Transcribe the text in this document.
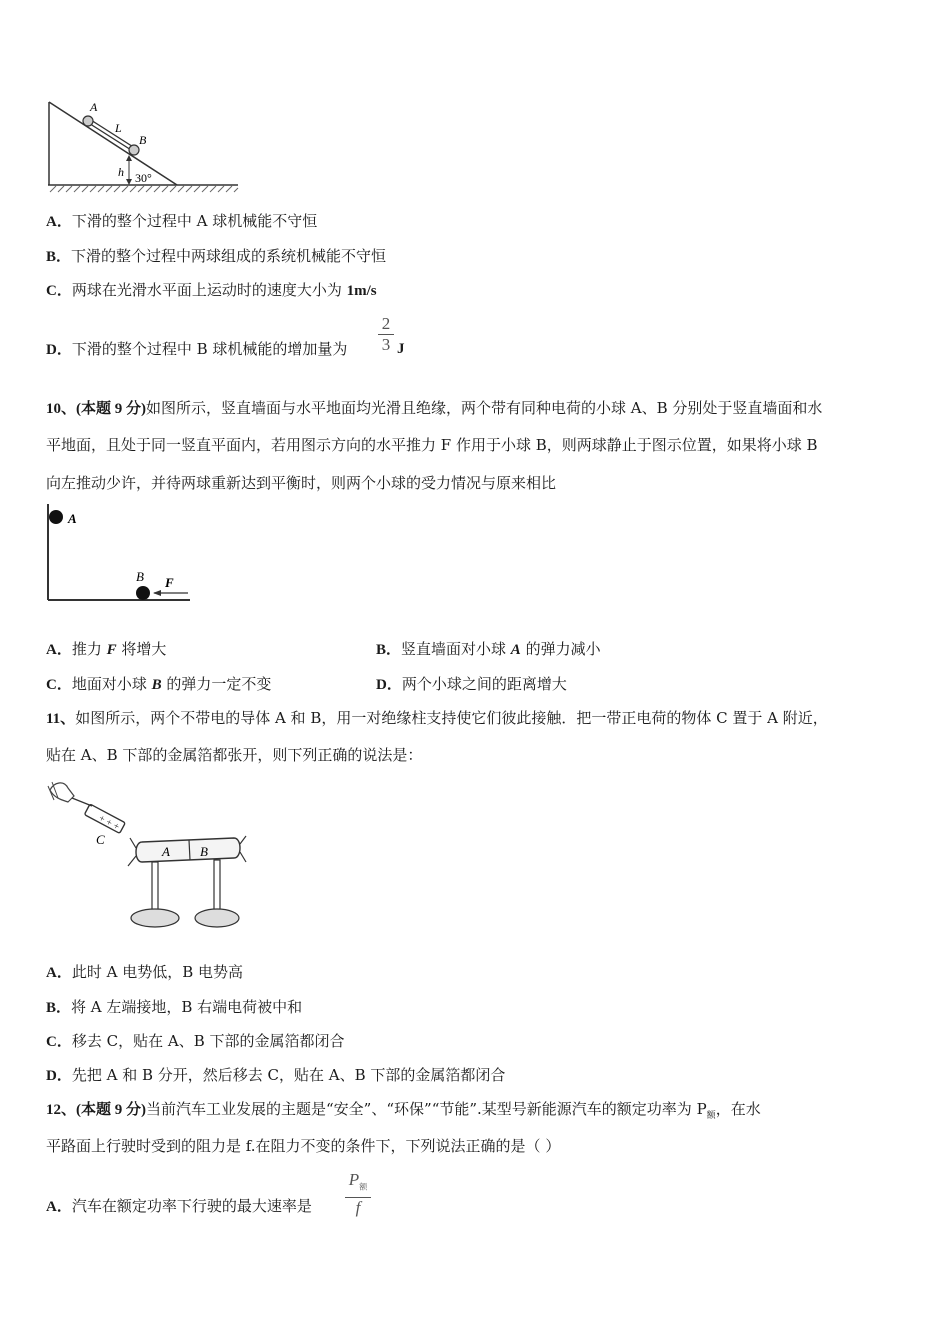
A
L
B
h 30°
A．下滑的整个过程中 A 球机械能不守恒
B．下滑的整个过程中两球组成的系统机械能不守恒
C．两球在光滑水平面上运动时的速度大小为 1m/s
D．下滑的整个过程中 B 球机械能的增加量为
2
3 J
10、(本题 9 分)如图所示，竖直墙面与水平地面均光滑且绝缘，两个带有同种电荷的小球 A、B 分别处于竖直墙面和水
平地面，且处于同一竖直平面内，若用图示方向的水平推力 F 作用于小球 B，则两球静止于图示位置，如果将小球 B
向左推动少许，并待两球重新达到平衡时，则两个小球的受力情况与原来相比
A
B F
A．推力 F 将增大	B．竖直墙面对小球 A 的弹力减小
C．地面对小球 B 的弹力一定不变	D．两个小球之间的距离增大
11、如图所示，两个不带电的导体 A 和 B，用一对绝缘柱支持使它们彼此接触．把一带正电荷的物体 C 置于 A 附近，
贴在 A、B 下部的金属箔都张开，则下列正确的说法是：
+ + +
C
A B
A．此时 A 电势低，B 电势高
B．将 A 左端接地，B 右端电荷被中和
C．移去 C，贴在 A、B 下部的金属箔都闭合
D．先把 A 和 B 分开，然后移去 C，贴在 A、B 下部的金属箔都闭合
12、(本题 9 分)当前汽车工业发展的主题是“安全”、“环保”“节能”.某型号新能源汽车的额定功率为 $P_额$，在水
平路面上行驶时受到的阻力是 f.在阻力不变的条件下，下列说法正确的是（ ）
A．汽车在额定功率下行驶的最大速率是
$P_额$
f
